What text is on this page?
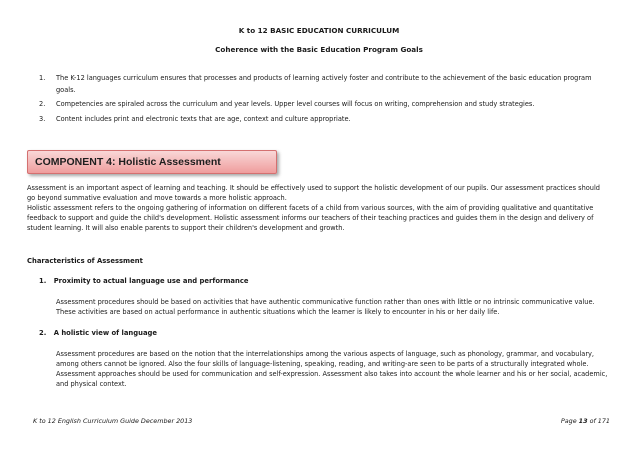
K to 12 BASIC EDUCATION CURRICULUM
Coherence with the Basic Education Program Goals
1. The K-12 languages curriculum ensures that processes and products of learning actively foster and contribute to the achievement of the basic education program
goals.
2. Competencies are spiraled across the curriculum and year levels. Upper level courses will focus on writing, comprehension and study strategies.
3. Content includes print and electronic texts that are age, context and culture appropriate.
COMPONENT 4: Holistic Assessment
Assessment is an important aspect of learning and teaching. It should be effectively used to support the holistic development of our pupils. Our assessment practices should
go beyond summative evaluation and move towards a more holistic approach.
Holistic assessment refers to the ongoing gathering of information on different facets of a child from various sources, with the aim of providing qualitative and quantitative
feedback to support and guide the child's development. Holistic assessment informs our teachers of their teaching practices and guides them in the design and delivery of
student learning. It will also enable parents to support their children's development and growth.
Characteristics of Assessment
1. Proximity to actual language use and performance
Assessment procedures should be based on activities that have authentic communicative function rather than ones with little or no intrinsic communicative value.
These activities are based on actual performance in authentic situations which the learner is likely to encounter in his or her daily life.
2. A holistic view of language
Assessment procedures are based on the notion that the interrelationships among the various aspects of language, such as phonology, grammar, and vocabulary,
among others cannot be ignored. Also the four skills of language-listening, speaking, reading, and writing-are seen to be parts of a structurally integrated whole.
Assessment approaches should be used for communication and self-expression. Assessment also takes into account the whole learner and his or her social, academic,
and physical context.
K to 12 English Curriculum Guide December 2013	Page 13 of 171
